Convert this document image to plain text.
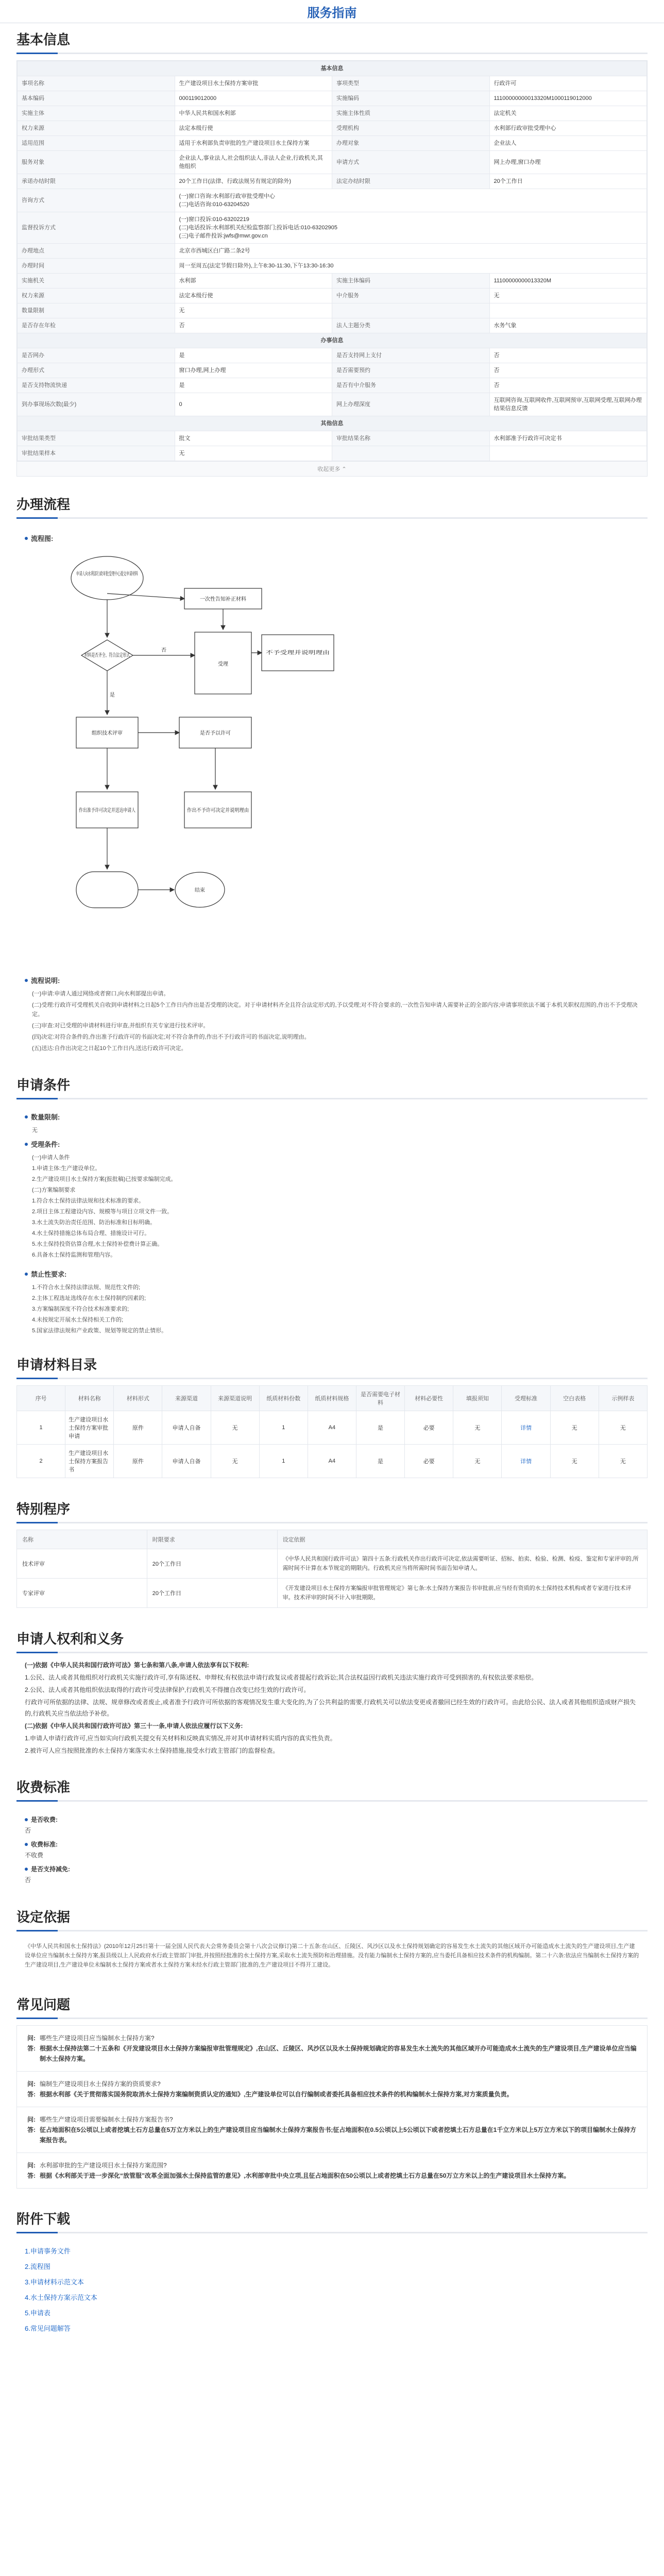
服务指南
基本信息
基本信息			
事项名称	生产建设项目水土保持方案审批	事项类型	行政许可
基本编码	000119012000	实施编码	11100000000013320M1000119012000
实施主体	中华人民共和国水利部	实施主体性质	法定机关
权力来源	法定本级行使	受理机构	水利部行政审批受理中心
适用范围	适用于水利部负责审批的生产建设项目水土保持方案	办理对象	企业法人
服务对象	企业法人,事业法人,社会组织法人,非法人企业,行政机关,其他组织	申请方式	网上办理,窗口办理
承诺办结时限	20个工作日(法律、行政法规另有规定的除外)	法定办结时限	20个工作日
咨询方式	(一)窗口咨询:水利部行政审批受理中心
(二)电话咨询:010-63204520		
监督投诉方式	(一)窗口投诉:010-63202219
(二)电话投诉:水利部机关纪检监察部门;投诉电话:010-63202905
(三)电子邮件投诉:jwfs@mwr.gov.cn		
办理地点	北京市西城区白广路二条2号		
办理时间	周一至周五(法定节假日除外),上午8:30-11:30,下午13:30-16:30		
实施机关	水利部	实施主体编码	11100000000013320M
权力来源	法定本级行使	中介服务	无
数量限制	无		
是否存在年检	否	法人主题分类	水务气象
办事信息			
是否网办	是	是否支持网上支付	否
办理形式	窗口办理,网上办理	是否需要预约	否
是否支持物流快递	是	是否有中介服务	否
到办事现场次数(最少)	0	网上办理深度	互联网咨询,互联网收件,互联网预审,互联网受理,互联网办理结果信息反馈
其他信息			
审批结果类型	批文	审批结果名称	水利部准予行政许可决定书
审批结果样本	无		
收起更多 ⌃
办理流程
流程图:
申请人向水利部行政审批受理中心提交申请材料
材料是否齐全、符合法定形式
一次性告知补正材料
受理
不予受理并说明理由
组织技术评审	是否予以许可
作出准予许可决定并送达申请人	作出不予许可决定并说明理由
结束
是
否
流程说明:

(一)申请:申请人通过网络或者窗口,向水利部提出申请。

(二)受理:行政许可受理机关自收到申请材料之日起5个工作日内作出是否受理的决定。对于申请材料齐全且符合法定形式的,予以受理;对不符合要求的,一次性告知申请人需要补正的全部内容;申请事项依法不属于本机关职权范围的,作出不予受理决定。

(三)审查:对已受理的申请材料进行审查,并组织有关专家进行技术评审。

(四)决定:对符合条件的,作出准予行政许可的书面决定;对不符合条件的,作出不予行政许可的书面决定,说明理由。

(五)送达:自作出决定之日起10个工作日内,送达行政许可决定。

申请条件
数量限制:

无

受理条件:

(一)申请人条件

1.申请主体:生产建设单位。

2.生产建设项目水土保持方案(报批稿)已按要求编制完成。

(二)方案编制要求

1.符合水土保持法律法规和技术标准的要求。

2.项目主体工程建设内容、规模等与项目立项文件一致。

3.水土流失防治责任范围、防治标准和目标明确。

4.水土保持措施总体布局合理、措施设计可行。

5.水土保持投资估算合理,水土保持补偿费计算正确。

6.具备水土保持监测和管理内容。

禁止性要求:

1.不符合水土保持法律法规、规范性文件的;

2.主体工程选址选线存在水土保持制约因素的;

3.方案编制深度不符合技术标准要求的;

4.未按规定开展水土保持相关工作的;

5.国家法律法规和产业政策、规划等规定的禁止情形。

申请材料目录
序号	材料名称	材料形式	来源渠道	来源渠道说明	纸质材料份数	纸质材料规格	是否需要电子材料	材料必要性	填报须知	受理标准	空白表格	示例样表
1	生产建设项目水土保持方案审批申请	原件	申请人自备	无	1	A4	是	必要	无	详情	无	无
2	生产建设项目水土保持方案报告书	原件	申请人自备	无	1	A4	是	必要	无	详情	无	无
特别程序
名称	时限要求	设定依据
技术评审	20个工作日	《中华人民共和国行政许可法》第四十五条:行政机关作出行政许可决定,依法需要听证、招标、拍卖、检验、检测、检疫、鉴定和专家评审的,所需时间不计算在本节规定的期限内。行政机关应当将所需时间书面告知申请人。
专家评审	20个工作日	《开发建设项目水土保持方案编报审批管理规定》第七条:水土保持方案报告书审批前,应当经有资质的水土保持技术机构或者专家进行技术评审。技术评审的时间不计入审批期限。
申请人权利和义务

(一)依据《中华人民共和国行政许可法》第七条和第八条,申请人依法享有以下权利:

1.公民、法人或者其他组织对行政机关实施行政许可,享有陈述权、申辩权;有权依法申请行政复议或者提起行政诉讼;其合法权益因行政机关违法实施行政许可受到损害的,有权依法要求赔偿。

2.公民、法人或者其他组织依法取得的行政许可受法律保护,行政机关不得擅自改变已经生效的行政许可。

行政许可所依据的法律、法规、规章修改或者废止,或者准予行政许可所依据的客观情况发生重大变化的,为了公共利益的需要,行政机关可以依法变更或者撤回已经生效的行政许可。由此给公民、法人或者其他组织造成财产损失的,行政机关应当依法给予补偿。

(二)依据《中华人民共和国行政许可法》第三十一条,申请人依法应履行以下义务:

1.申请人申请行政许可,应当如实向行政机关提交有关材料和反映真实情况,并对其申请材料实质内容的真实性负责。

2.被许可人应当按照批准的水土保持方案落实水土保持措施,接受水行政主管部门的监督检查。

收费标准
是否收费:
否
收费标准:
不收费
是否支持减免:
否
设定依据
《中华人民共和国水土保持法》(2010年12月25日第十一届全国人民代表大会常务委员会第十八次会议修订)第二十五条:在山区、丘陵区、风沙区以及水土保持规划确定的容易发生水土流失的其他区域开办可能造成水土流失的生产建设项目,生产建设单位应当编制水土保持方案,报县级以上人民政府水行政主管部门审批,并按照经批准的水土保持方案,采取水土流失预防和治理措施。没有能力编制水土保持方案的,应当委托具备相应技术条件的机构编制。第二十六条:依法应当编制水土保持方案的生产建设项目,生产建设单位未编制水土保持方案或者水土保持方案未经水行政主管部门批准的,生产建设项目不得开工建设。
常见问题
问: 哪些生产建设项目应当编制水土保持方案?
答: 根据水土保持法第二十五条和《开发建设项目水土保持方案编报审批管理规定》,在山区、丘陵区、风沙区以及水土保持规划确定的容易发生水土流失的其他区域开办可能造成水土流失的生产建设项目,生产建设单位应当编制水土保持方案。
问: 编制生产建设项目水土保持方案的资质要求?
答: 根据水利部《关于贯彻落实国务院取消水土保持方案编制资质认定的通知》,生产建设单位可以自行编制或者委托具备相应技术条件的机构编制水土保持方案,对方案质量负责。
问: 哪些生产建设项目需要编制水土保持方案报告书?
答: 征占地面积在5公顷以上或者挖填土石方总量在5万立方米以上的生产建设项目应当编制水土保持方案报告书;征占地面积在0.5公顷以上5公顷以下或者挖填土石方总量在1千立方米以上5万立方米以下的项目编制水土保持方案报告表。
问: 水利部审批的生产建设项目水土保持方案范围?
答: 根据《水利部关于进一步深化“放管服”改革全面加强水土保持监管的意见》,水利部审批中央立项,且征占地面积在50公顷以上或者挖填土石方总量在50万立方米以上的生产建设项目水土保持方案。
附件下载
1.申请事务文件
2.流程图
3.申请材料示范文本
4.水土保持方案示范文本
5.申请表
6.常见问题解答
